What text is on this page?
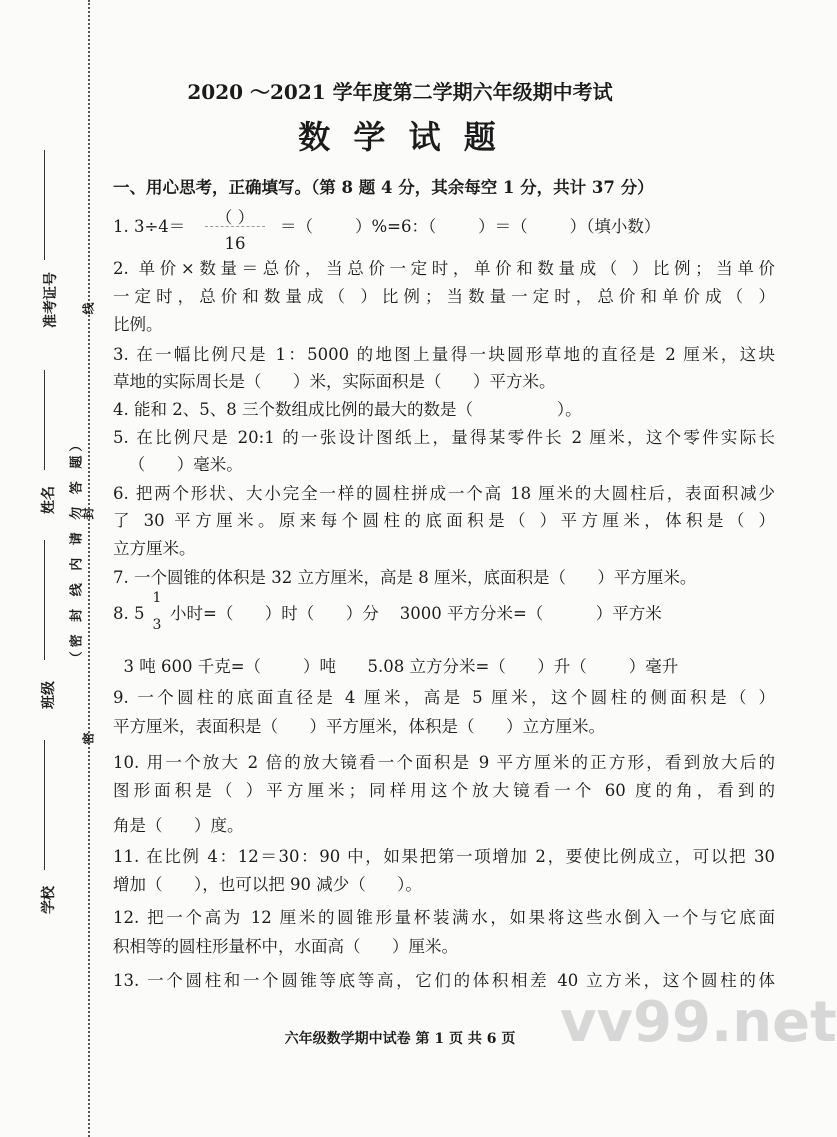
准考证号
姓名
班级
学校
（密 封 线 内 请 勿 答 题）
线
封
密
2020 ～2021 学年度第二学期六年级期中考试
数 学 试 题
一、用心思考，正确填写。（第 8 题 4 分，其余每空 1 分，共计 37 分）
1. 3÷4＝	（ ）
16
＝（        ）%=6：（        ）＝（        ）（填小数）
2. 单价×数量＝总价，当总价一定时，单价和数量成（ ）比例；当单价
一定时，总价和数量成（ ）比例；当数量一定时，总价和单价成（ ）
比例。
3. 在一幅比例尺是 1：5000 的地图上量得一块圆形草地的直径是 2 厘米，这块
草地的实际周长是（      ）米，实际面积是（      ）平方米。
4. 能和 2、5、8 三个数组成比例的最大的数是（                ）。
5. 在比例尺是 20:1 的一张设计图纸上，量得某零件长 2 厘米，这个零件实际长
（      ）毫米。
6. 把两个形状、大小完全一样的圆柱拼成一个高 18 厘米的大圆柱后，表面积减少
了 30 平方厘米。原来每个圆柱的底面积是（ ）平方厘米，体积是（ ）
立方厘米。
7. 一个圆锥的体积是 32 立方厘米，高是 8 厘米，底面积是（      ）平方厘米。
8. 5
1
3
小时=（      ）时（      ）分    3000 平方分米=（          ）平方米
3 吨 600 千克=（        ）吨      5.08 立方分米=（      ）升（        ）毫升
9. 一个圆柱的底面直径是 4 厘米，高是 5 厘米，这个圆柱的侧面积是（ ）
平方厘米，表面积是（      ）平方厘米，体积是（      ）立方厘米。
10. 用一个放大 2 倍的放大镜看一个面积是 9 平方厘米的正方形，看到放大后的
图形面积是（ ）平方厘米；同样用这个放大镜看一个 60 度的角，看到的
角是（      ）度。
11. 在比例 4：12＝30：90 中，如果把第一项增加 2，要使比例成立，可以把 30
增加（      ），也可以把 90 减少（      ）。
12. 把一个高为 12 厘米的圆锥形量杯装满水，如果将这些水倒入一个与它底面
积相等的圆柱形量杯中，水面高（      ）厘米。
13. 一个圆柱和一个圆锥等底等高，它们的体积相差 40 立方米，这个圆柱的体
六年级数学期中试卷 第 1 页 共 6 页 vv99.net
